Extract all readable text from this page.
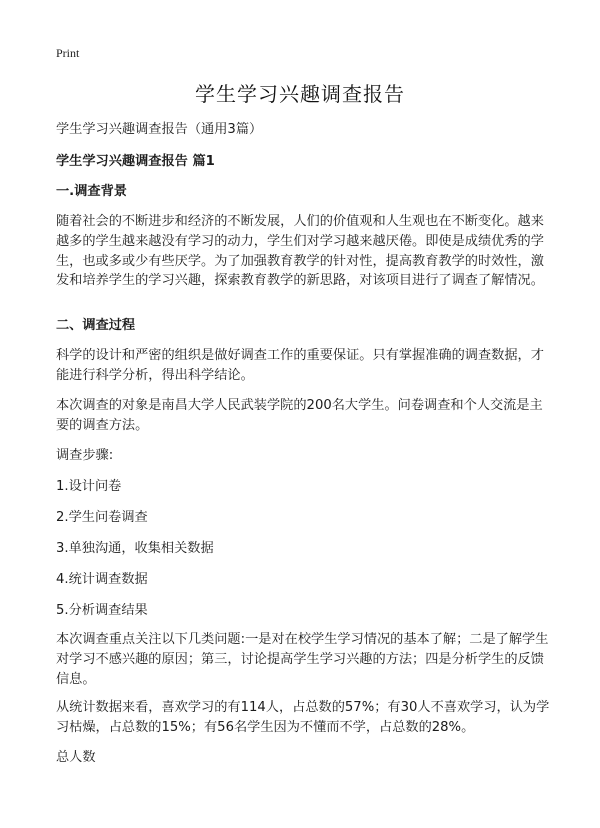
Print
学生学习兴趣调查报告
学生学习兴趣调查报告（通用3篇）
学生学习兴趣调查报告 篇1
一.调查背景
随着社会的不断进步和经济的不断发展，人们的价值观和人生观也在不断变化。越来越多的学生越来越没有学习的动力，学生们对学习越来越厌倦。即使是成绩优秀的学生，也或多或少有些厌学。为了加强教育教学的针对性，提高教育教学的时效性，激发和培养学生的学习兴趣，探索教育教学的新思路，对该项目进行了调查了解情况。
二、调查过程
科学的设计和严密的组织是做好调查工作的重要保证。只有掌握准确的调查数据，才能进行科学分析，得出科学结论。
本次调查的对象是南昌大学人民武装学院的200名大学生。问卷调查和个人交流是主要的调查方法。
调查步骤:
1.设计问卷
2.学生问卷调查
3.单独沟通，收集相关数据
4.统计调查数据
5.分析调查结果
本次调查重点关注以下几类问题:一是对在校学生学习情况的基本了解；二是了解学生对学习不感兴趣的原因；第三，讨论提高学生学习兴趣的方法；四是分析学生的反馈信息。
从统计数据来看，喜欢学习的有114人，占总数的57%；有30人不喜欢学习，认为学习枯燥，占总数的15%；有56名学生因为不懂而不学，占总数的28%。
总人数
